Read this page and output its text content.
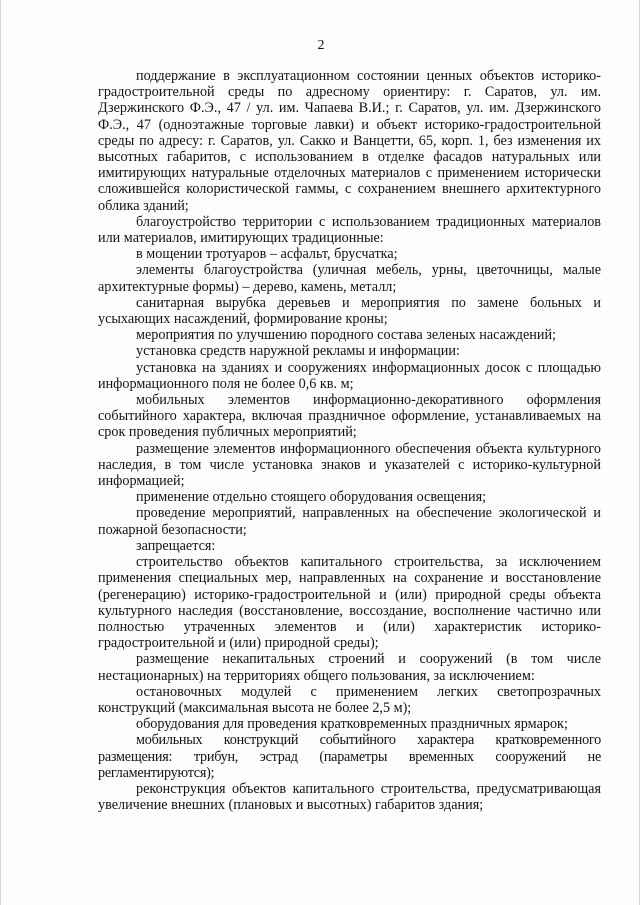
2

поддержание в эксплуатационном состоянии ценных объектов историко-градостроительной среды по адресному ориентиру: г. Саратов, ул. им. Дзержинского Ф.Э., 47 / ул. им. Чапаева В.И.; г. Саратов, ул. им. Дзержинского Ф.Э., 47 (одноэтажные торговые лавки) и объект историко-градостроительной среды по адресу: г. Саратов, ул. Сакко и Ванцетти, 65, корп. 1, без изменения их высотных габаритов, с использованием в отделке фасадов натуральных или имитирующих натуральные отделочных материалов с применением исторически сложившейся колористической гаммы, с сохранением внешнего архитектурного облика зданий;

благоустройство территории с использованием традиционных материалов или материалов, имитирующих традиционные:

в мощении тротуаров – асфальт, брусчатка;

элементы благоустройства (уличная мебель, урны, цветочницы, малые архитектурные формы) – дерево, камень, металл;

санитарная вырубка деревьев и мероприятия по замене больных и усыхающих насаждений, формирование кроны;

мероприятия по улучшению породного состава зеленых насаждений;

установка средств наружной рекламы и информации:

установка на зданиях и сооружениях информационных досок с площадью информационного поля не более 0,6 кв. м;

мобильных элементов информационно-декоративного оформления событийного характера, включая праздничное оформление, устанавливаемых на срок проведения публичных мероприятий;

размещение элементов информационного обеспечения объекта культурного наследия, в том числе установка знаков и указателей с историко-культурной информацией;

применение отдельно стоящего оборудования освещения;

проведение мероприятий, направленных на обеспечение экологической и пожарной безопасности;

запрещается:

строительство объектов капитального строительства, за исключением применения специальных мер, направленных на сохранение и восстановление (регенерацию) историко-градостроительной и (или) природной среды объекта культурного наследия (восстановление, воссоздание, восполнение частично или полностью утраченных элементов и (или) характеристик историко-градостроительной и (или) природной среды);

размещение некапитальных строений и сооружений (в том числе нестационарных) на территориях общего пользования, за исключением:

остановочных модулей с применением легких светопрозрачных конструкций (максимальная высота не более 2,5 м);

оборудования для проведения кратковременных праздничных ярмарок;

мобильных конструкций событийного характера кратковременного размещения: трибун, эстрад (параметры временных сооружений не регламентируются);

реконструкция объектов капитального строительства, предусматривающая увеличение внешних (плановых и высотных) габаритов здания;
